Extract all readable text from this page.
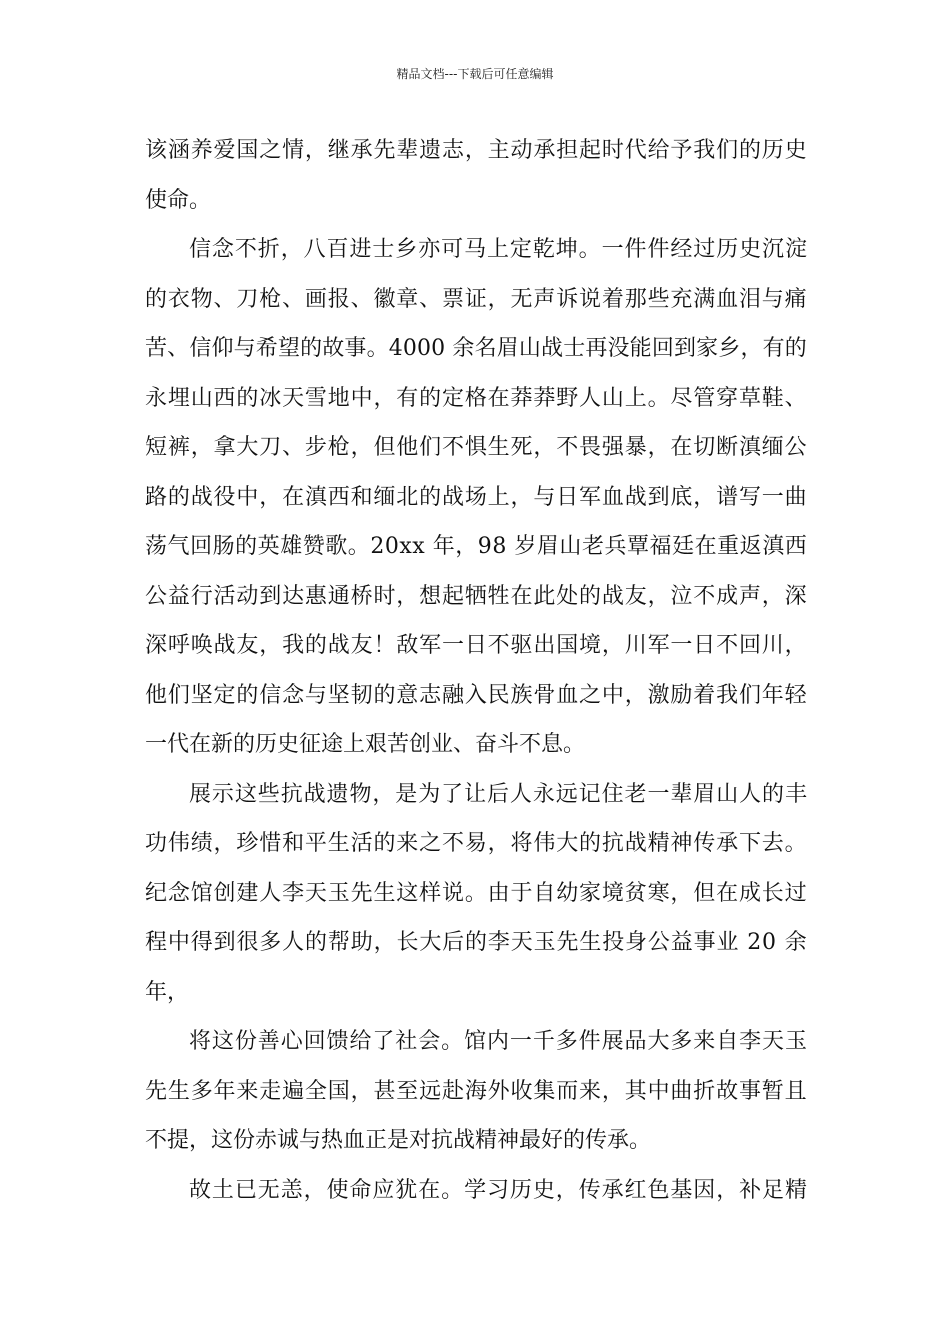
精品文档---下载后可任意编辑
该 涵 养 爱 国 之 情 ， 继 承 先 辈 遗 志 ， 主 动 承 担 起 时 代 给 予 我 们 的 历 史
使命。
信 念 不 折 ， 八 百 进 士 乡 亦 可 马 上 定 乾 坤 。 一 件 件 经 过 历 史 沉 淀
的 衣 物 、 刀 枪 、 画 报 、 徽 章 、 票 证 ， 无 声 诉 说 着 那 些 充 满 血 泪 与 痛
苦 、 信 仰 与 希 望 的 故 事 。 4 0 0 0
余 名 眉 山 战 士 再 没 能 回 到 家 乡 ， 有 的
永 埋 山 西 的 冰 天 雪 地 中 ， 有 的 定 格 在 莽 莽 野 人 山 上 。 尽 管 穿 草 鞋 、
短 裤 ， 拿 大 刀 、 步 枪 ， 但 他 们 不 惧 生 死 ， 不 畏 强 暴 ， 在 切 断 滇 缅 公
路 的 战 役 中 ， 在 滇 西 和 缅 北 的 战 场 上 ， 与 日 军 血 战 到 底 ， 谱 写 一 曲
荡 气 回 肠 的 英 雄 赞 歌 。 2 0 x x
年 ， 9 8
岁 眉 山 老 兵 覃 福 廷 在 重 返 滇 西
公 益 行 活 动 到 达 惠 通 桥 时 ， 想 起 牺 牲 在 此 处 的 战 友 ， 泣 不 成 声 ， 深
深 呼 唤 战 友 ， 我 的 战 友 ！ 敌 军 一 日 不 驱 出 国 境 ， 川 军 一 日 不 回 川 ，
他 们 坚 定 的 信 念 与 坚 韧 的 意 志 融 入 民 族 骨 血 之 中 ， 激 励 着 我 们 年 轻
一代在新的历史征途上艰苦创业、奋斗不息。
展 示 这 些 抗 战 遗 物 ， 是 为 了 让 后 人 永 远 记 住 老 一 辈 眉 山 人 的 丰
功 伟 绩 ， 珍 惜 和 平 生 活 的 来 之 不 易 ， 将 伟 大 的 抗 战 精 神 传 承 下 去 。
纪 念 馆 创 建 人 李 天 玉 先 生 这 样 说 。 由 于 自 幼 家 境 贫 寒 ， 但 在 成 长 过
程 中 得 到 很 多 人 的 帮 助 ， 长 大 后 的 李 天 玉 先 生 投 身 公 益 事 业
2 0
余
年，
将 这 份 善 心 回 馈 给 了 社 会 。 馆 内 一 千 多 件 展 品 大 多 来 自 李 天 玉
先 生 多 年 来 走 遍 全 国 ， 甚 至 远 赴 海 外 收 集 而 来 ， 其 中 曲 折 故 事 暂 且
不提，这份赤诚与热血正是对抗战精神最好的传承。
故 土 已 无 恙 ， 使 命 应 犹 在 。 学 习 历 史 ， 传 承 红 色 基 因 ， 补 足 精
